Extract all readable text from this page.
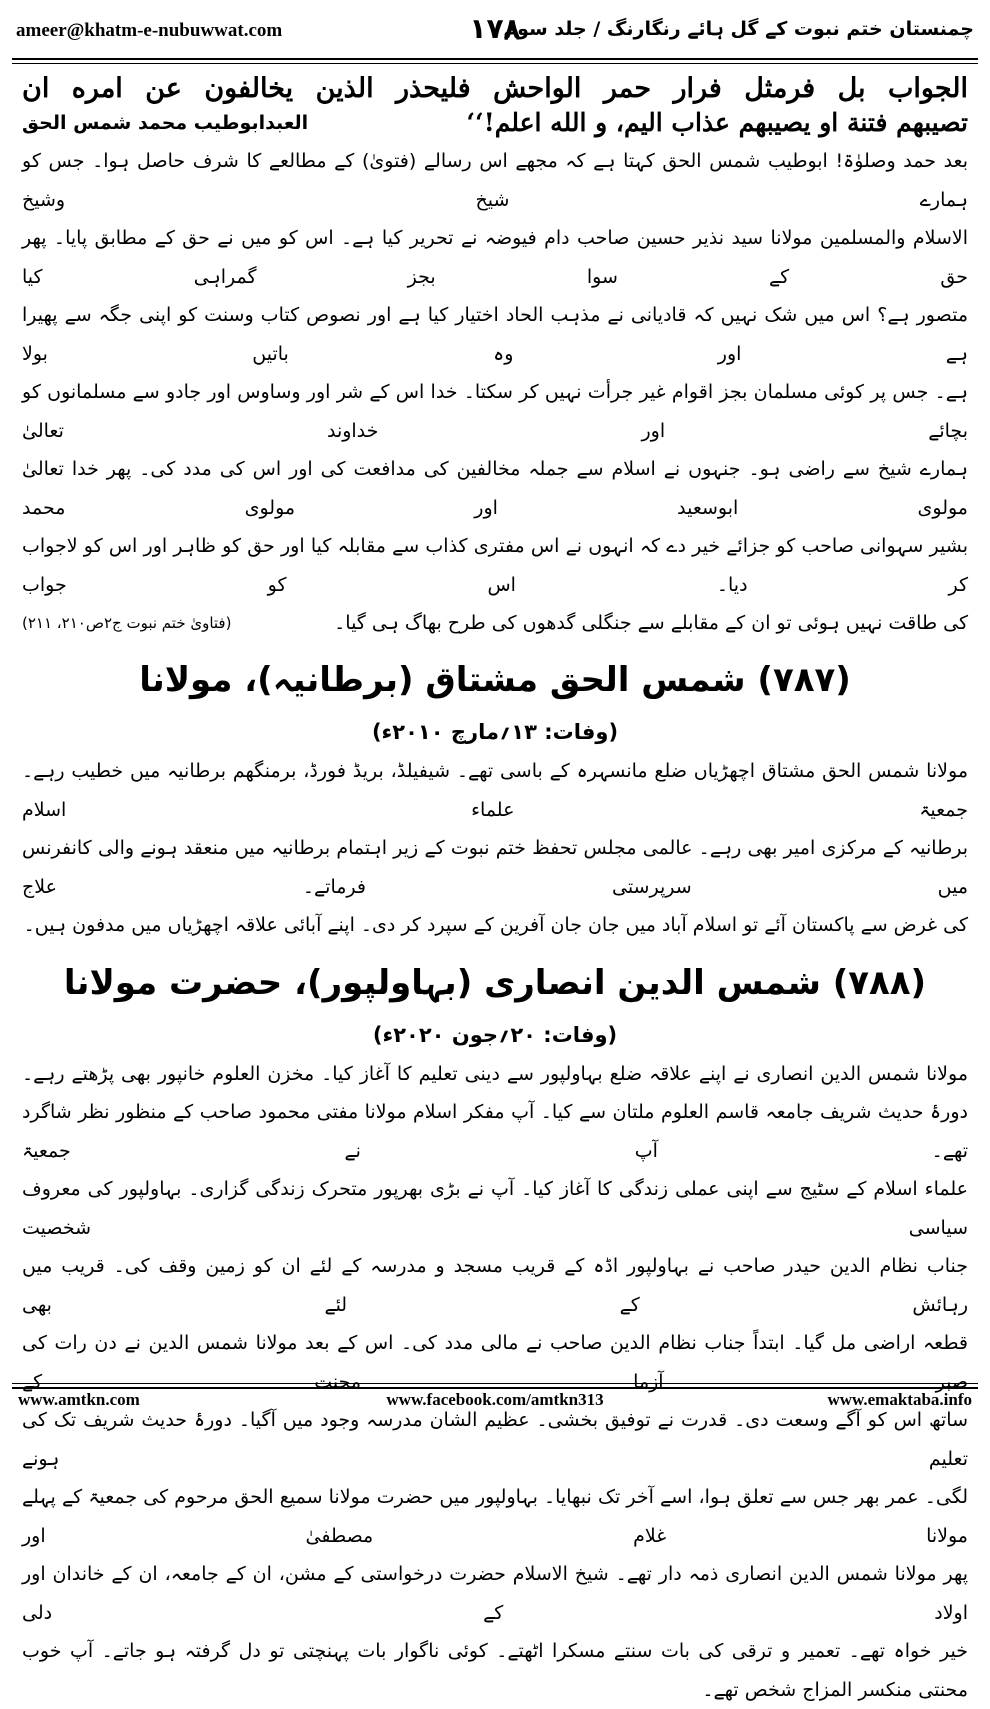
ameer@khatm-e-nubuwwat.com	۱۷۸
چمنستان ختم نبوت کے گل ہائے رنگارنگ / جلد سوم

الجواب بل فرمثل فرار حمر الواحش فليحذر الذين يخالفون عن امره ان

تصيبهم فتنة او يصيبهم عذاب اليم، و الله اعلم!‘‘
العبدابوطیب محمد شمس الحق

بعد حمد وصلوٰۃ! ابوطیب شمس الحق کہتا ہے کہ مجھے اس رسالے (فتویٰ) کے مطالعے کا شرف حاصل ہوا۔ جس کو ہمارے شیخ وشیخ

الاسلام والمسلمین مولانا سید نذیر حسین صاحب دام فیوضہ نے تحریر کیا ہے۔ اس کو میں نے حق کے مطابق پایا۔ پھر حق کے سوا بجز گمراہی کیا

متصور ہے؟ اس میں شک نہیں کہ قادیانی نے مذہب الحاد اختیار کیا ہے اور نصوص کتاب وسنت کو اپنی جگہ سے پھیرا ہے اور وہ باتیں بولا

ہے۔ جس پر کوئی مسلمان بجز اقوام غیر جرأت نہیں کر سکتا۔ خدا اس کے شر اور وساوس اور جادو سے مسلمانوں کو بچائے اور خداوند تعالیٰ

ہمارے شیخ سے راضی ہو۔ جنہوں نے اسلام سے جملہ مخالفین کی مدافعت کی اور اس کی مدد کی۔ پھر خدا تعالیٰ مولوی ابوسعید اور مولوی محمد

بشیر سہوانی صاحب کو جزائے خیر دے کہ انہوں نے اس مفتری کذاب سے مقابلہ کیا اور حق کو ظاہر اور اس کو لاجواب کر دیا۔ اس کو جواب

کی طاقت نہیں ہوئی تو ان کے مقابلے سے جنگلی گدھوں کی طرح بھاگ ہی گیا۔
(فتاویٰ ختم نبوت ج۲ص۲۱۰، ۲۱۱)
(۷۸۷) شمس الحق مشتاق (برطانیہ)، مولانا
(وفات: ۱۳؍مارچ ۲۰۱۰ء)

مولانا شمس الحق مشتاق اچھڑیاں ضلع مانسہرہ کے باسی تھے۔ شیفیلڈ، بریڈ فورڈ، برمنگھم برطانیہ میں خطیب رہے۔ جمعیۃ علماء اسلام

برطانیہ کے مرکزی امیر بھی رہے۔ عالمی مجلس تحفظ ختم نبوت کے زیر اہتمام برطانیہ میں منعقد ہونے والی کانفرنس میں سرپرستی فرماتے۔ علاج

کی غرض سے پاکستان آئے تو اسلام آباد میں جان جان آفرین کے سپرد کر دی۔ اپنے آبائی علاقہ اچھڑیاں میں مدفون ہیں۔

(۷۸۸) شمس الدین انصاری (بہاولپور)، حضرت مولانا
(وفات: ۲۰؍جون ۲۰۲۰ء)

مولانا شمس الدین انصاری نے اپنے علاقہ ضلع بہاولپور سے دینی تعلیم کا آغاز کیا۔ مخزن العلوم خانپور بھی پڑھتے رہے۔

دورۂ حدیث شریف جامعہ قاسم العلوم ملتان سے کیا۔ آپ مفکر اسلام مولانا مفتی محمود صاحب کے منظور نظر شاگرد تھے۔ آپ نے جمعیۃ

علماء اسلام کے سٹیج سے اپنی عملی زندگی کا آغاز کیا۔ آپ نے بڑی بھرپور متحرک زندگی گزاری۔ بہاولپور کی معروف سیاسی شخصیت

جناب نظام الدین حیدر صاحب نے بہاولپور اڈہ کے قریب مسجد و مدرسہ کے لئے ان کو زمین وقف کی۔ قریب میں رہائش کے لئے بھی

قطعہ اراضی مل گیا۔ ابتداً جناب نظام الدین صاحب نے مالی مدد کی۔ اس کے بعد مولانا شمس الدین نے دن رات کی صبر آزما محنت کے

ساتھ اس کو آگے وسعت دی۔ قدرت نے توفیق بخشی۔ عظیم الشان مدرسہ وجود میں آگیا۔ دورۂ حدیث شریف تک کی تعلیم ہونے

لگی۔ عمر بھر جس سے تعلق ہوا، اسے آخر تک نبھایا۔ بہاولپور میں حضرت مولانا سمیع الحق مرحوم کی جمعیۃ کے پہلے مولانا غلام مصطفیٰ اور

پھر مولانا شمس الدین انصاری ذمہ دار تھے۔ شیخ الاسلام حضرت درخواستی کے مشن، ان کے جامعہ، ان کے خاندان اور اولاد کے دلی

خیر خواہ تھے۔ تعمیر و ترقی کی بات سنتے مسکرا اٹھتے۔ کوئی ناگوار بات پہنچتی تو دل گرفتہ ہو جاتے۔ آپ خوب محنتی منکسر المزاج شخص تھے۔

www.amtkn.com	www.facebook.com/amtkn313	www.emaktaba.info
